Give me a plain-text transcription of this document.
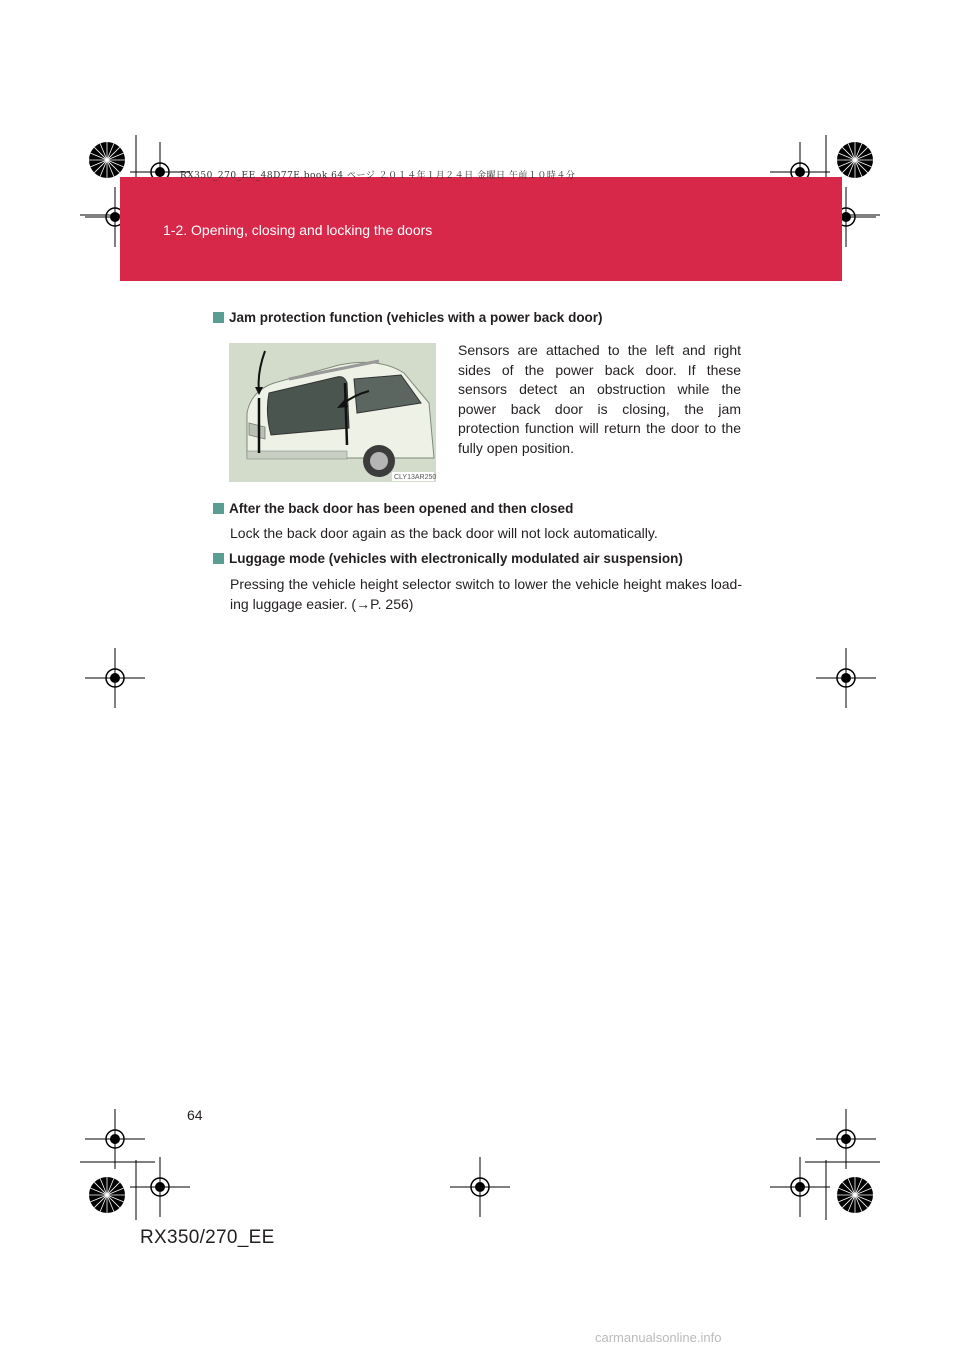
RX350_270_EE_48D77E.book 64 ページ ２０１４年１月２４日 金曜日 午前１０時４分
1-2. Opening, closing and locking the doors
Jam protection function (vehicles with a power back door)
CLY13AR250
Sensors are attached to the left and right sides of the power back door. If these sensors detect an obstruction while the power back door is closing, the jam protection function will return the door to the fully open position.
After the back door has been opened and then closed
Lock the back door again as the back door will not lock automatically.
Luggage mode (vehicles with electronically modulated air suspension)
Pressing the vehicle height selector switch to lower the vehicle height makes load-ing luggage easier. (→P. 256)
64
RX350/270_EE
carmanualsonline.info
